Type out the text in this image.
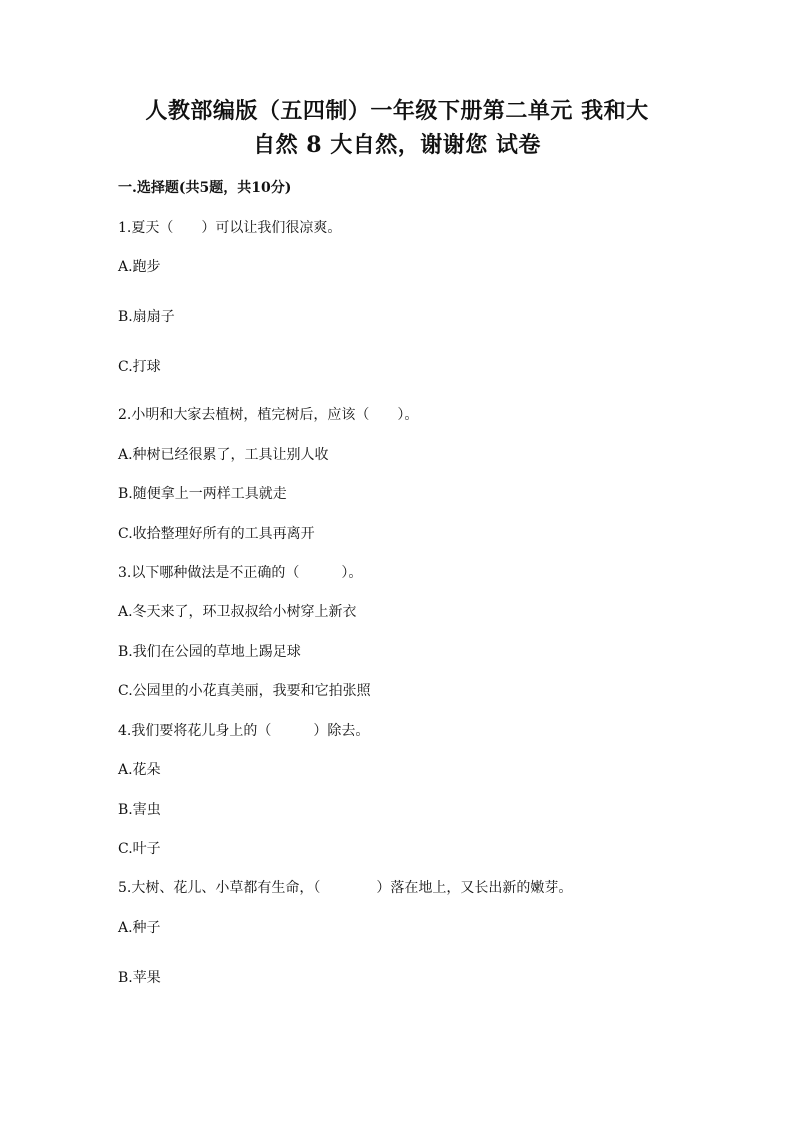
人教部编版（五四制）一年级下册第二单元 我和大
自然 8 大自然，谢谢您 试卷
一.选择题(共5题，共10分)
1.夏天（　　）可以让我们很凉爽。
A.跑步
B.扇扇子
C.打球
2.小明和大家去植树，植完树后，应该（　　）。
A.种树已经很累了，工具让别人收
B.随便拿上一两样工具就走
C.收拾整理好所有的工具再离开
3.以下哪种做法是不正确的（　　　）。
A.冬天来了，环卫叔叔给小树穿上新衣
B.我们在公园的草地上踢足球
C.公园里的小花真美丽，我要和它拍张照
4.我们要将花儿身上的（　　　）除去。
A.花朵
B.害虫
C.叶子
5.大树、花儿、小草都有生命，（　　　　）落在地上，又长出新的嫩芽。
A.种子
B.苹果
